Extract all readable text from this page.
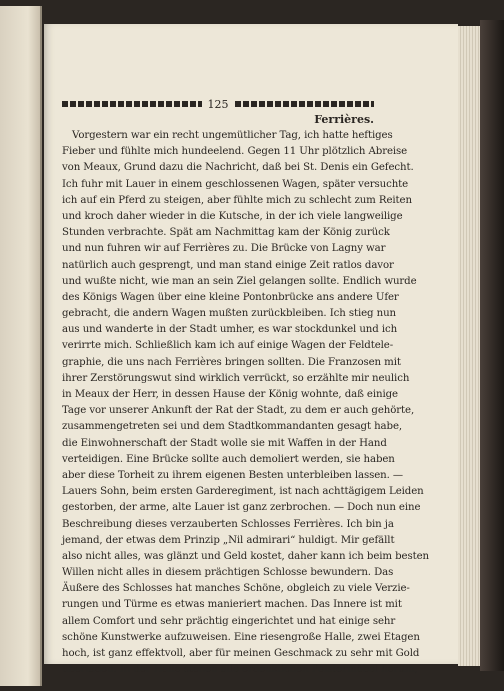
125
Ferrières.
Vorgestern war ein recht ungemütlicher Tag, ich hatte heftiges
Fieber und fühlte mich hundeelend. Gegen 11 Uhr plötzlich Abreise
von Meaux, Grund dazu die Nachricht, daß bei St. Denis ein Gefecht.
Ich fuhr mit Lauer in einem geschlossenen Wagen, später versuchte
ich auf ein Pferd zu steigen, aber fühlte mich zu schlecht zum Reiten
und kroch daher wieder in die Kutsche, in der ich viele langweilige
Stunden verbrachte. Spät am Nachmittag kam der König zurück
und nun fuhren wir auf Ferrières zu. Die Brücke von Lagny war
natürlich auch gesprengt, und man stand einige Zeit ratlos davor
und wußte nicht, wie man an sein Ziel gelangen sollte. Endlich wurde
des Königs Wagen über eine kleine Pontonbrücke ans andere Ufer
gebracht, die andern Wagen mußten zurückbleiben. Ich stieg nun
aus und wanderte in der Stadt umher, es war stockdunkel und ich
verirrte mich. Schließlich kam ich auf einige Wagen der Feldtele-
graphie, die uns nach Ferrières bringen sollten. Die Franzosen mit
ihrer Zerstörungswut sind wirklich verrückt, so erzählte mir neulich
in Meaux der Herr, in dessen Hause der König wohnte, daß einige
Tage vor unserer Ankunft der Rat der Stadt, zu dem er auch gehörte,
zusammengetreten sei und dem Stadtkommandanten gesagt habe,
die Einwohnerschaft der Stadt wolle sie mit Waffen in der Hand
verteidigen. Eine Brücke sollte auch demoliert werden, sie haben
aber diese Torheit zu ihrem eigenen Besten unterbleiben lassen. —
Lauers Sohn, beim ersten Garderegiment, ist nach achttägigem Leiden
gestorben, der arme, alte Lauer ist ganz zerbrochen. — Doch nun eine
Beschreibung dieses verzauberten Schlosses Ferrières. Ich bin ja
jemand, der etwas dem Prinzip „Nil admirari“ huldigt. Mir gefällt
also nicht alles, was glänzt und Geld kostet, daher kann ich beim besten
Willen nicht alles in diesem prächtigen Schlosse bewundern. Das
Äußere des Schlosses hat manches Schöne, obgleich zu viele Verzie-
rungen und Türme es etwas manieriert machen. Das Innere ist mit
allem Comfort und sehr prächtig eingerichtet und hat einige sehr
schöne Kunstwerke aufzuweisen. Eine riesengroße Halle, zwei Etagen
hoch, ist ganz effektvoll, aber für meinen Geschmack zu sehr mit Gold
überladen. In der Halle stehen alle erdenklichen Polstermöbel herum,
